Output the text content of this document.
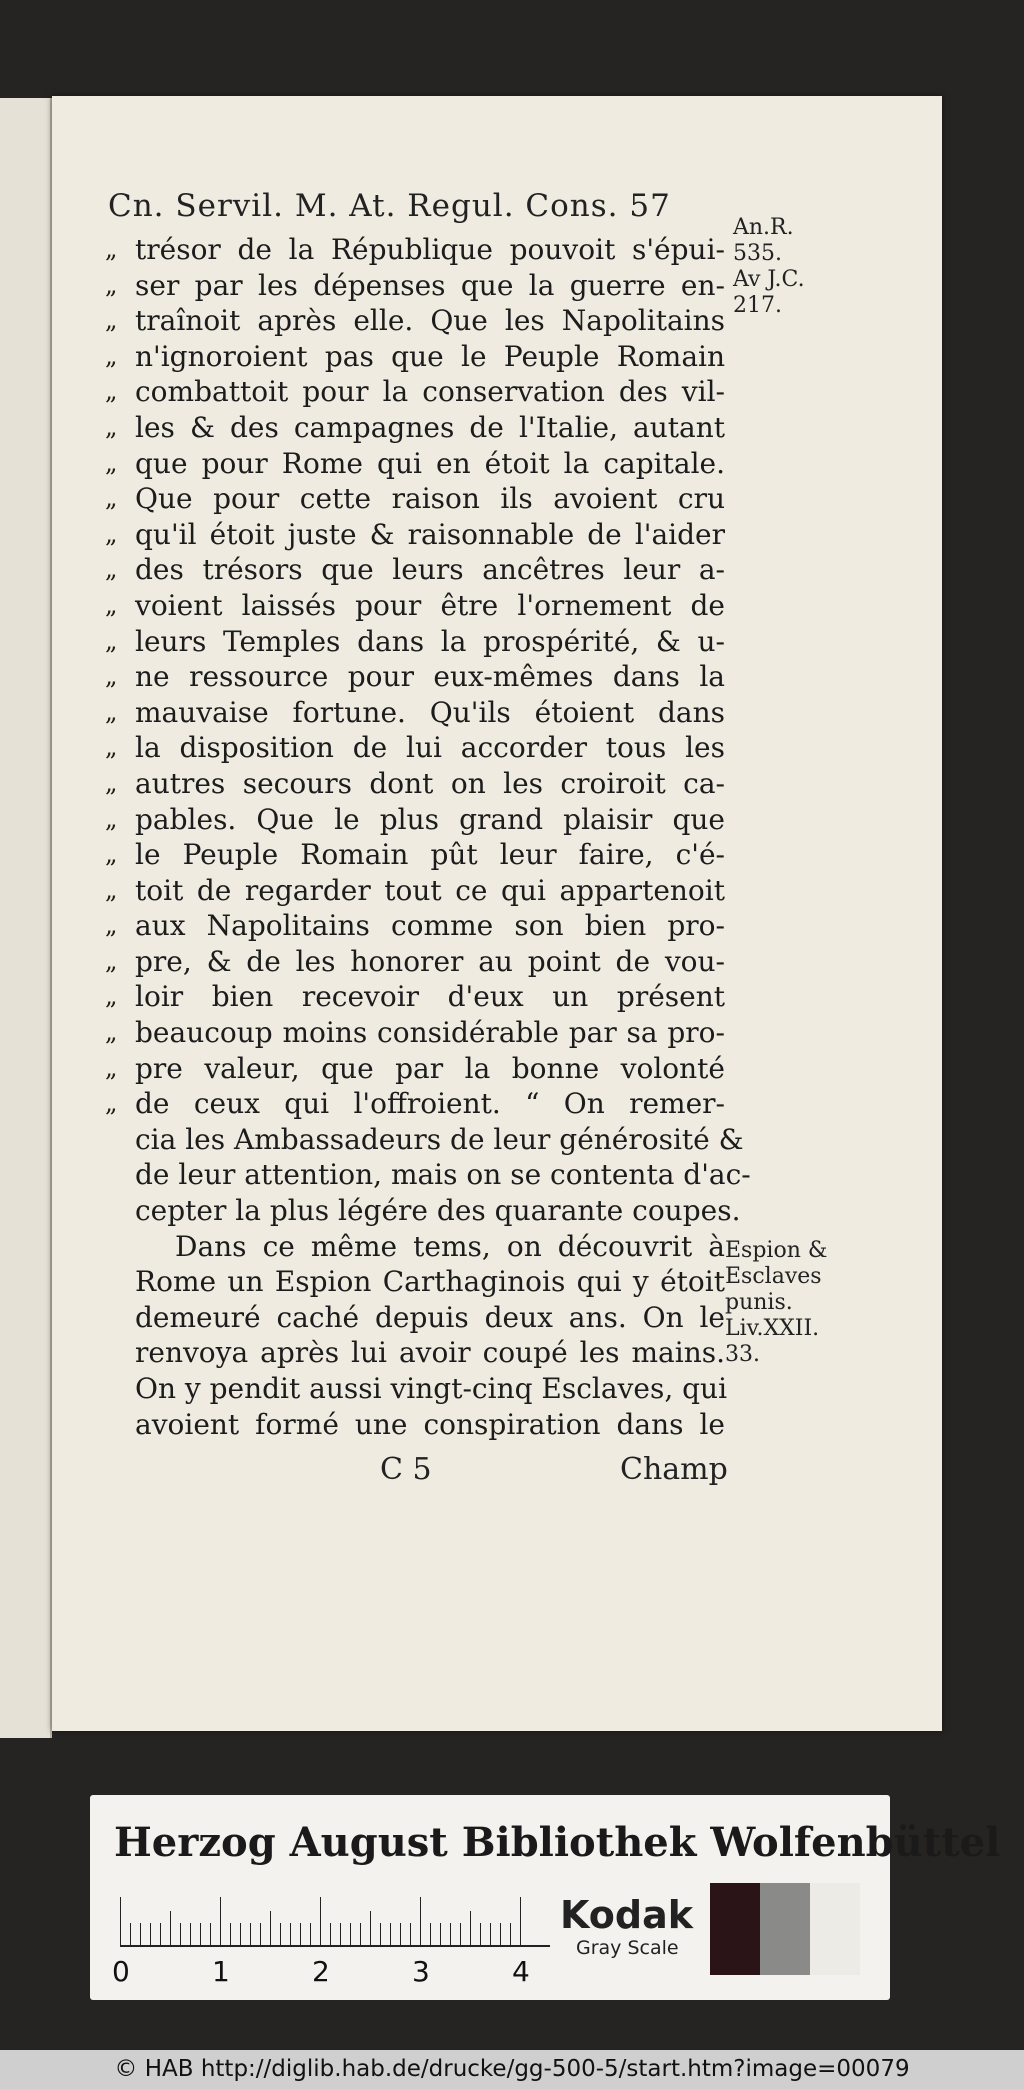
Cn. Servil. M. At. Regul. Cons. 57
An.R.
535.
Av J.C.
217.
Espion &
Esclaves
punis.
Liv.XXII.
33.
„ trésor de la République pouvoit s'épui-
„ ser par les dépenses que la guerre en-
„ traînoit après elle. Que les Napolitains
„ n'ignoroient pas que le Peuple Romain
„ combattoit pour la conservation des vil-
„ les & des campagnes de l'Italie, autant
„ que pour Rome qui en étoit la capitale.
„ Que pour cette raison ils avoient cru
„ qu'il étoit juste & raisonnable de l'aider
„ des trésors que leurs ancêtres leur a-
„ voient laissés pour être l'ornement de
„ leurs Temples dans la prospérité, & u-
„ ne ressource pour eux-mêmes dans la
„ mauvaise fortune. Qu'ils étoient dans
„ la disposition de lui accorder tous les
„ autres secours dont on les croiroit ca-
„ pables. Que le plus grand plaisir que
„ le Peuple Romain pût leur faire, c'é-
„ toit de regarder tout ce qui appartenoit
„ aux Napolitains comme son bien pro-
„ pre, & de les honorer au point de vou-
„ loir bien recevoir d'eux un présent
„ beaucoup moins considérable par sa pro-
„ pre valeur, que par la bonne volonté
„ de ceux qui l'offroient. “ On remer-
cia les Ambassadeurs de leur générosité &
de leur attention, mais on se contenta d'ac-
cepter la plus légére des quarante coupes.
Dans ce même tems, on découvrit à
Rome un Espion Carthaginois qui y étoit
demeuré caché depuis deux ans. On le
renvoya après lui avoir coupé les mains.
On y pendit aussi vingt-cinq Esclaves, qui
avoient formé une conspiration dans le
C 5	Champ
Herzog August Bibliothek Wolfenbüttel
0	1	2	3	4
Kodak
Gray Scale
© HAB http://diglib.hab.de/drucke/gg-500-5/start.htm?image=00079
